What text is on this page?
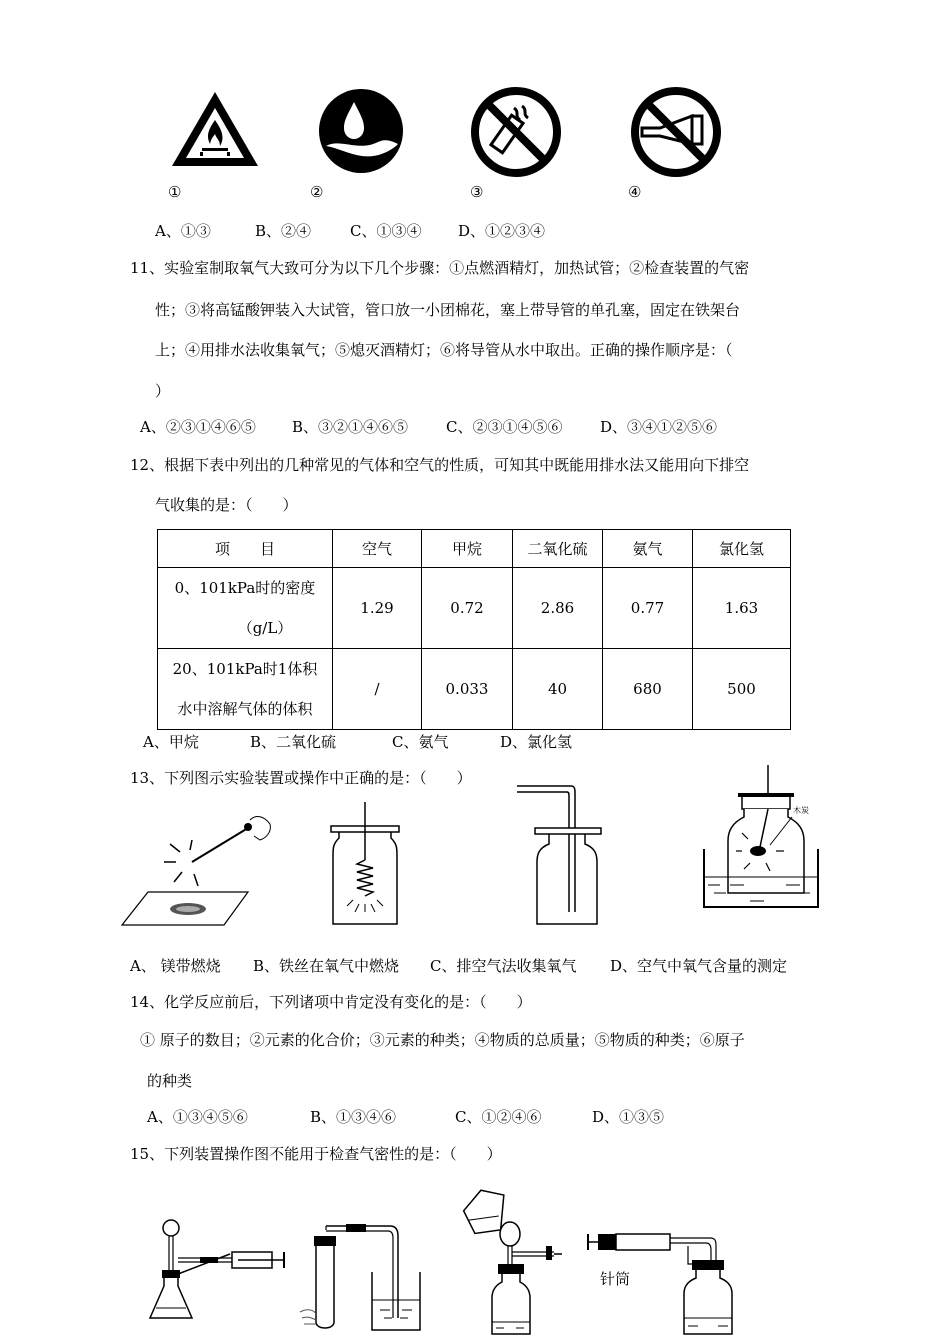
①	②	③	④
A、①③	B、②④	C、①③④ D、①②③④
11、实验室制取氧气大致可分为以下几个步骤：①点燃酒精灯，加热试管；②检查装置的气密
性；③将高锰酸钾装入大试管，管口放一小团棉花，塞上带导管的单孔塞，固定在铁架台
上；④用排水法收集氧气；⑤熄灭酒精灯；⑥将导管从水中取出。正确的操作顺序是：（
）
A、②③①④⑥⑤ B、③②①④⑥⑤	C、②③①④⑤⑥	D、③④①②⑤⑥
12、根据下表中列出的几种常见的气体和空气的性质，可知其中既能用排水法又能用向下排空
气收集的是：（　　）
项　　目	空气	甲烷	二氧化硫	氨气	氯化氢

0、101kPa时的密度
（g/L）	1.29	0.72	2.86	0.77	1.63

20、101kPa时1体积
水中溶解气体的体积	/	0.033	40	680	500
A、甲烷	B、二氧化硫	C、氨气	D、氯化氢
13、下列图示实验装置或操作中正确的是：（　　）
木炭
A、 镁带燃烧 B、铁丝在氧气中燃烧 C、排空气法收集氧气 D、空气中氧气含量的测定
14、化学反应前后，下列诸项中肯定没有变化的是：（　　）
① 原子的数目；②元素的化合价；③元素的种类；④物质的总质量；⑤物质的种类；⑥原子
的种类
A、①③④⑤⑥	B、①③④⑥	C、①②④⑥	D、①③⑤
15、下列装置操作图不能用于检查气密性的是：（　　）
针筒
